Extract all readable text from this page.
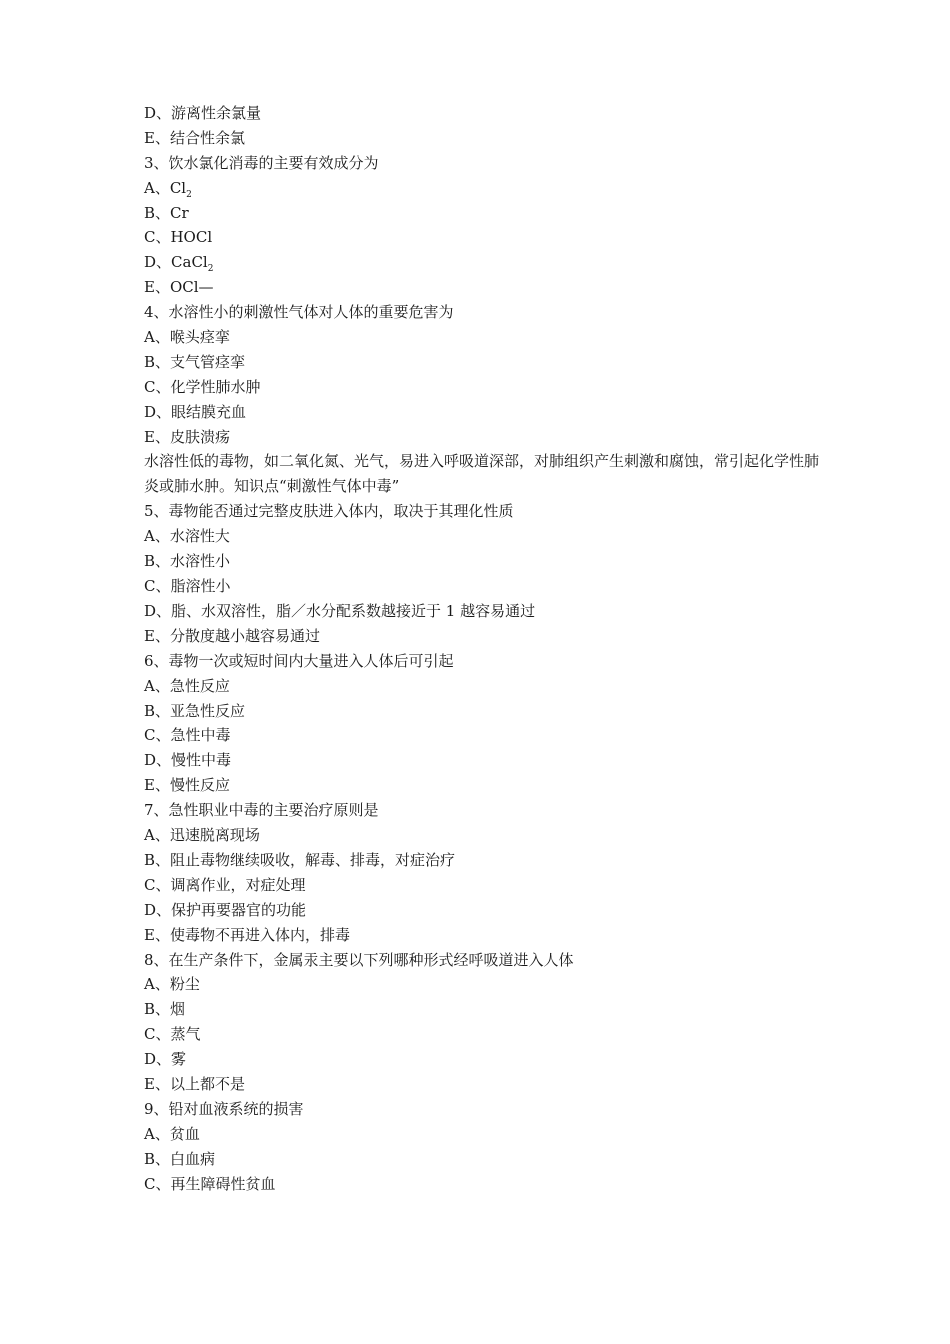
D、游离性余氯量
E、结合性余氯
3、饮水氯化消毒的主要有效成分为
A、$Cl_2$
B、Cr
C、HOCl
D、CaCl$_2$
E、OCl—
4、水溶性小的刺激性气体对人体的重要危害为
A、喉头痉挛
B、支气管痉挛
C、化学性肺水肿
D、眼结膜充血
E、皮肤溃疡
水溶性低的毒物，如二氧化氮、光气，易进入呼吸道深部，对肺组织产生刺激和腐蚀，常引起化学性肺炎或肺水肿。知识点“刺激性气体中毒”
5、毒物能否通过完整皮肤进入体内，取决于其理化性质
A、水溶性大
B、水溶性小
C、脂溶性小
D、脂、水双溶性，脂／水分配系数越接近于 1 越容易通过
E、分散度越小越容易通过
6、毒物一次或短时间内大量进入人体后可引起
A、急性反应
B、亚急性反应
C、急性中毒
D、慢性中毒
E、慢性反应
7、急性职业中毒的主要治疗原则是
A、迅速脱离现场
B、阻止毒物继续吸收，解毒、排毒，对症治疗
C、调离作业，对症处理
D、保护再要器官的功能
E、使毒物不再进入体内，排毒
8、在生产条件下，金属汞主要以下列哪种形式经呼吸道进入人体
A、粉尘
B、烟
C、蒸气
D、雾
E、以上都不是
9、铅对血液系统的损害
A、贫血
B、白血病
C、再生障碍性贫血
